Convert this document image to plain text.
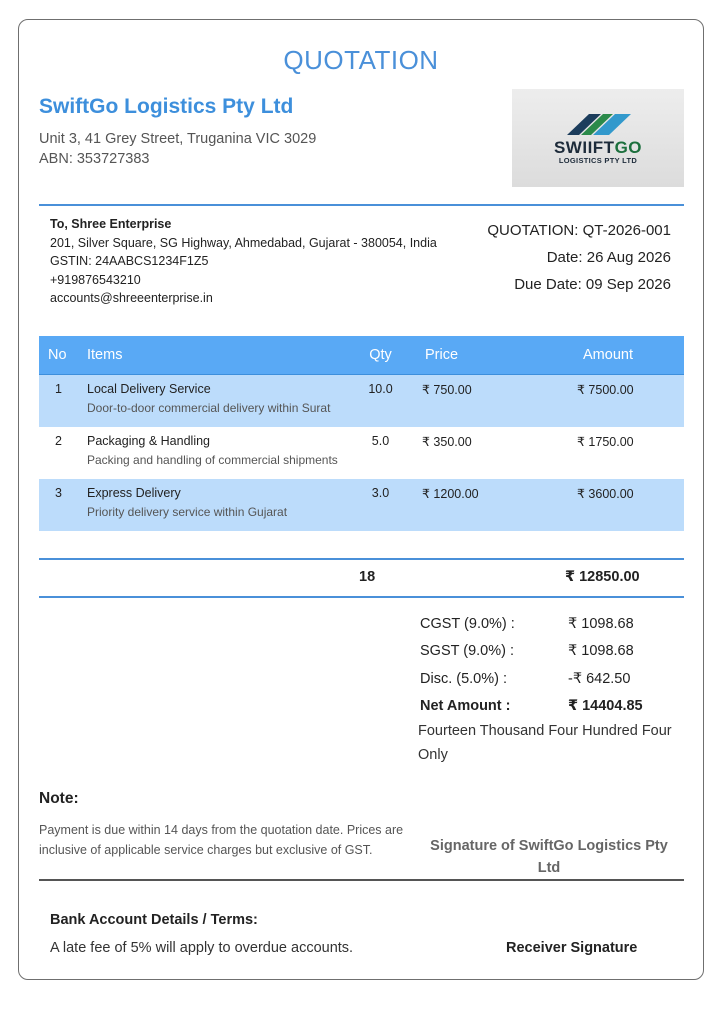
QUOTATION
SwiftGo Logistics Pty Ltd
Unit 3, 41 Grey Street, Truganina VIC 3029
ABN: 353727383
SWIIFTGO
LOGISTICS PTY LTD
To, Shree Enterprise
201, Silver Square, SG Highway, Ahmedabad, Gujarat - 380054, India
GSTIN: 24AABCS1234F1Z5
+919876543210
accounts@shreeenterprise.in
QUOTATION: QT-2026-001
Date: 26 Aug 2026
Due Date: 09 Sep 2026
No	Items	Qty	Price	Amount
1	Local Delivery Service
Door-to-door commercial delivery within Surat	10.0	₹ 750.00	₹ 7500.00
2	Packaging & Handling
Packing and handling of commercial shipments	5.0	₹ 350.00	₹ 1750.00
3	Express Delivery
Priority delivery service within Gujarat	3.0	₹ 1200.00	₹ 3600.00
18	₹ 12850.00
CGST (9.0%) :	₹ 1098.68
SGST (9.0%) :	₹ 1098.68
Disc. (5.0%) :	-₹ 642.50
Net Amount :	₹ 14404.85
Fourteen Thousand Four Hundred Four Only
Note:
Payment is due within 14 days from the quotation date. Prices are inclusive of applicable service charges but exclusive of GST.	Signature of SwiftGo Logistics Pty Ltd
Bank Account Details / Terms:
A late fee of 5% will apply to overdue accounts.	Receiver Signature
